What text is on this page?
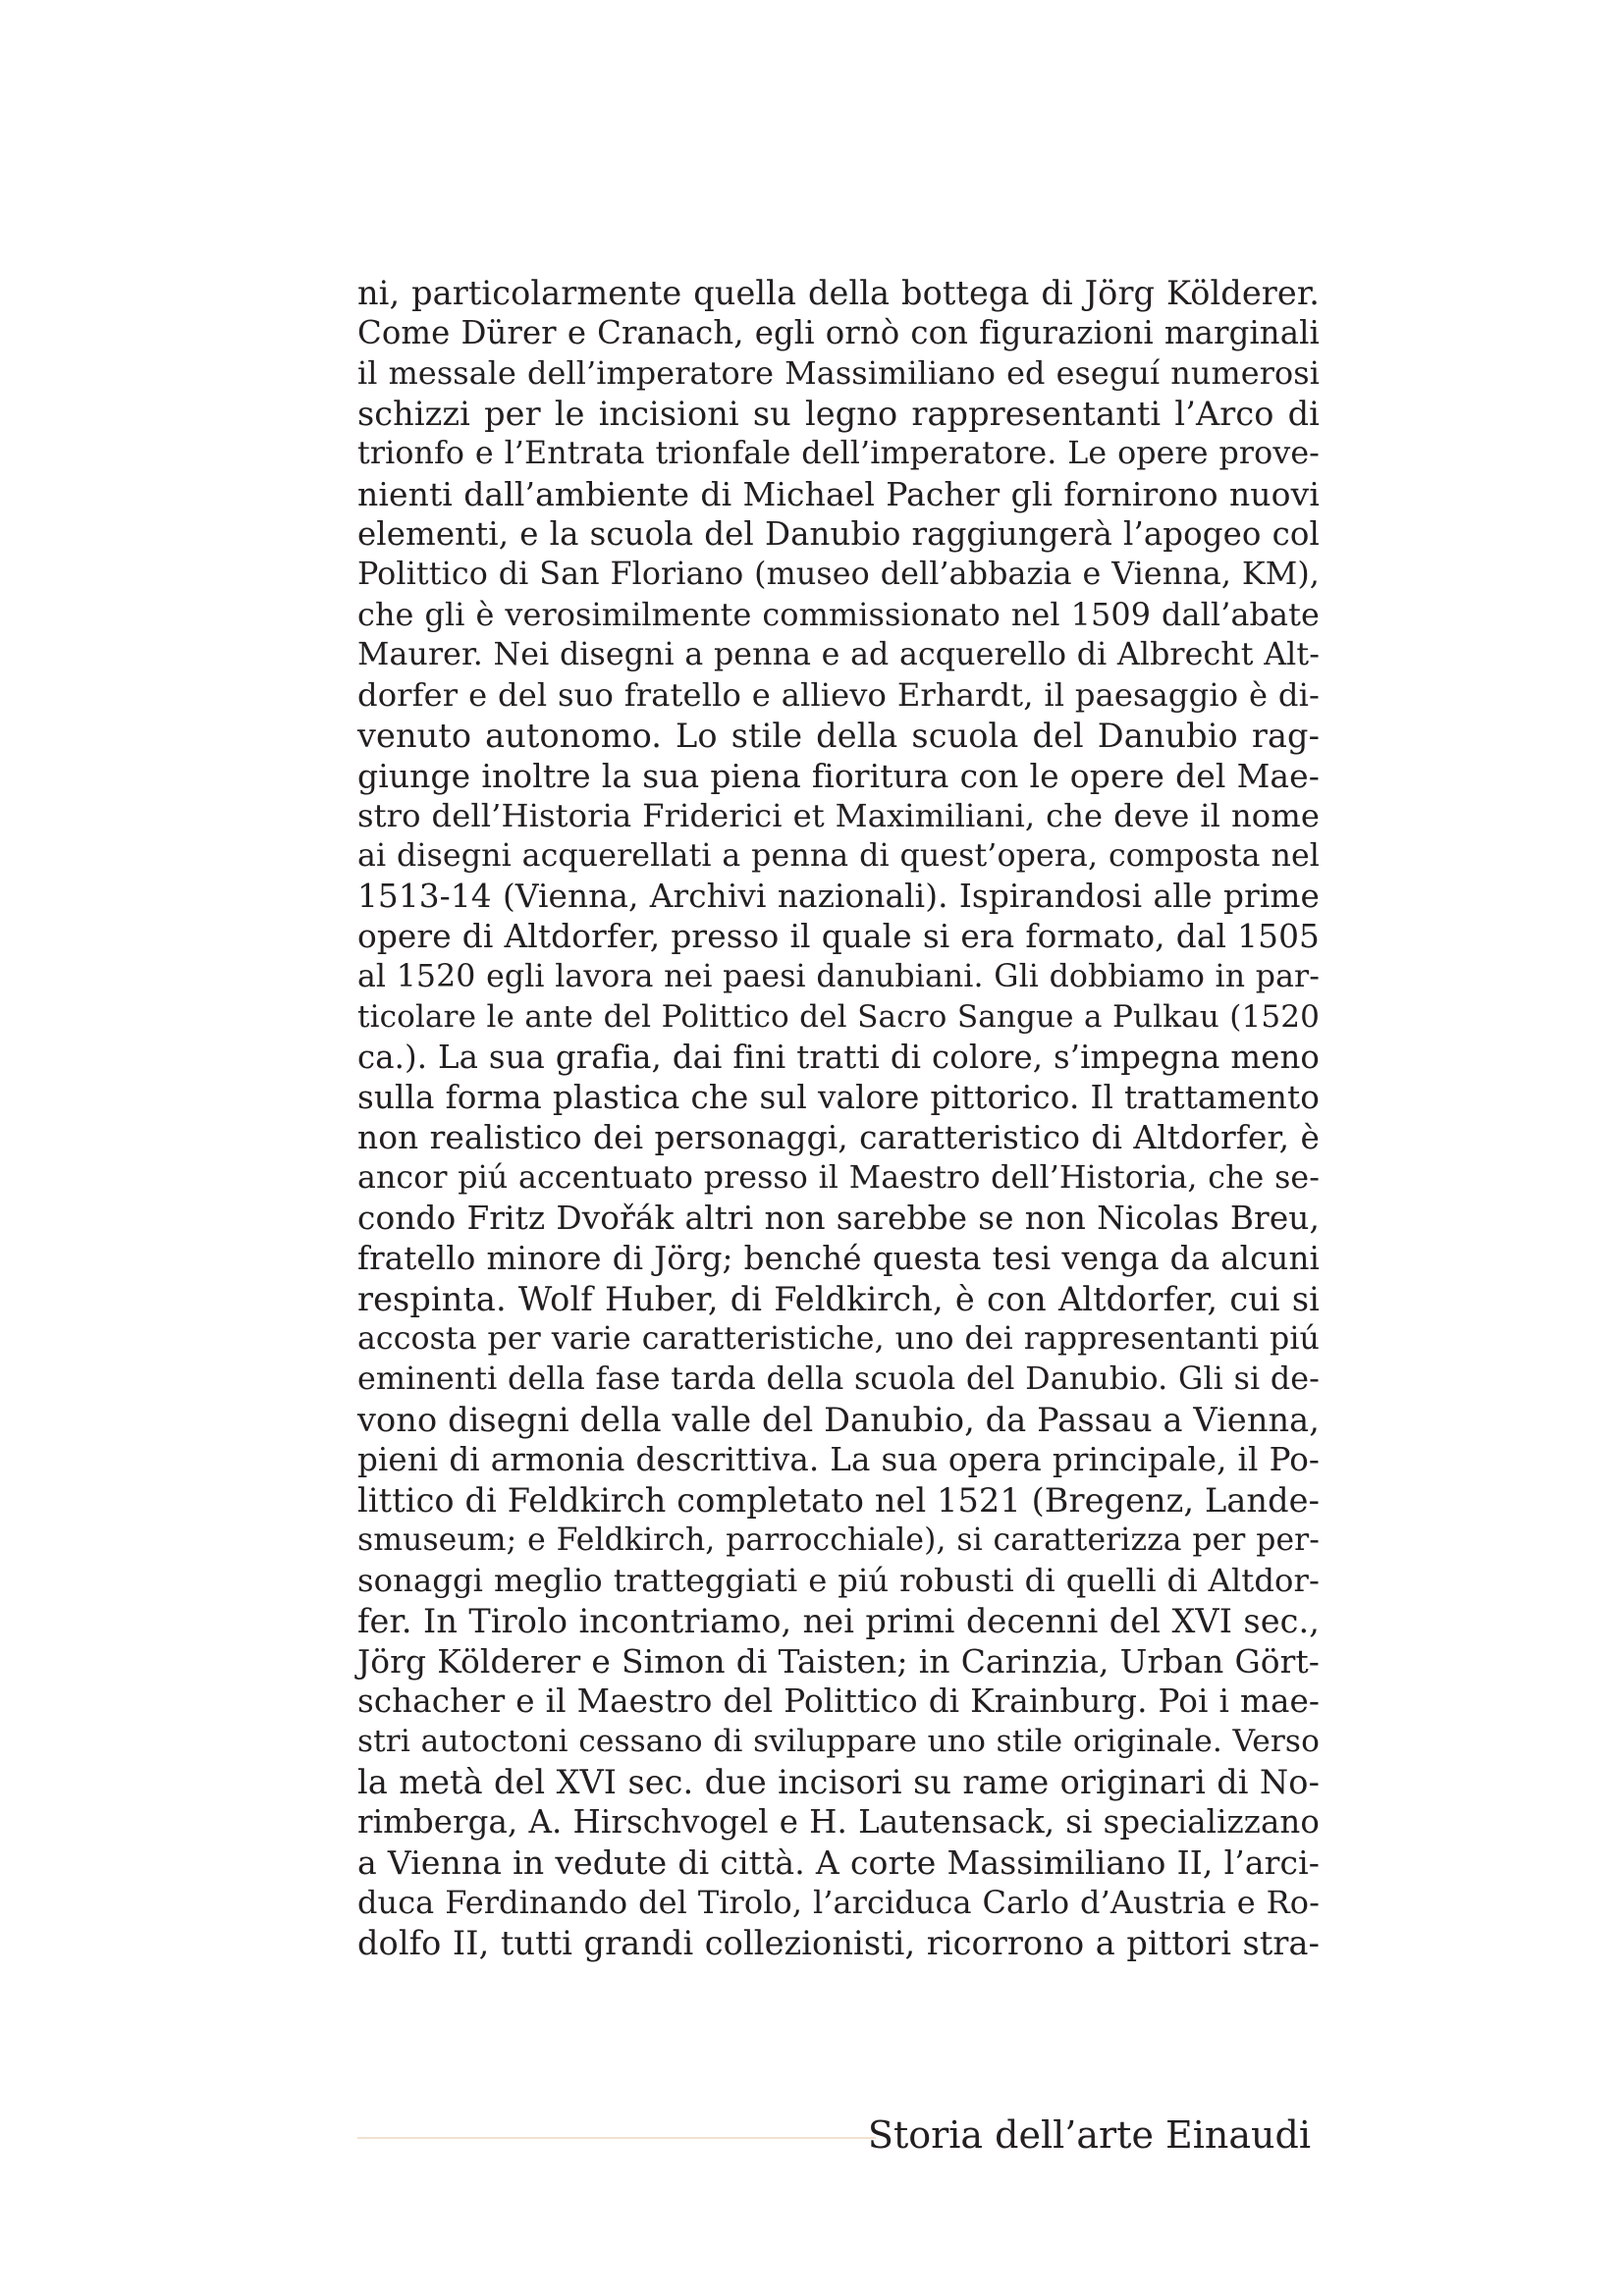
ni, particolarmente quella della bottega di Jörg Kölderer.
Come Dürer e Cranach, egli ornò con figurazioni marginali
il messale dell’imperatore Massimiliano ed eseguí numerosi
schizzi per le incisioni su legno rappresentanti l’Arco di
trionfo e l’Entrata trionfale dell’imperatore. Le opere prove-
nienti dall’ambiente di Michael Pacher gli fornirono nuovi
elementi, e la scuola del Danubio raggiungerà l’apogeo col
Polittico di San Floriano (museo dell’abbazia e Vienna, KM),
che gli è verosimilmente commissionato nel 1509 dall’abate
Maurer. Nei disegni a penna e ad acquerello di Albrecht Alt-
dorfer e del suo fratello e allievo Erhardt, il paesaggio è di-
venuto autonomo. Lo stile della scuola del Danubio rag-
giunge inoltre la sua piena fioritura con le opere del Mae-
stro dell’Historia Friderici et Maximiliani, che deve il nome
ai disegni acquerellati a penna di quest’opera, composta nel
1513-14 (Vienna, Archivi nazionali). Ispirandosi alle prime
opere di Altdorfer, presso il quale si era formato, dal 1505
al 1520 egli lavora nei paesi danubiani. Gli dobbiamo in par-
ticolare le ante del Polittico del Sacro Sangue a Pulkau (1520
ca.). La sua grafia, dai fini tratti di colore, s’impegna meno
sulla forma plastica che sul valore pittorico. Il trattamento
non realistico dei personaggi, caratteristico di Altdorfer, è
ancor piú accentuato presso il Maestro dell’Historia, che se-
condo Fritz Dvořák altri non sarebbe se non Nicolas Breu,
fratello minore di Jörg; benché questa tesi venga da alcuni
respinta. Wolf Huber, di Feldkirch, è con Altdorfer, cui si
accosta per varie caratteristiche, uno dei rappresentanti piú
eminenti della fase tarda della scuola del Danubio. Gli si de-
vono disegni della valle del Danubio, da Passau a Vienna,
pieni di armonia descrittiva. La sua opera principale, il Po-
littico di Feldkirch completato nel 1521 (Bregenz, Lande-
smuseum; e Feldkirch, parrocchiale), si caratterizza per per-
sonaggi meglio tratteggiati e piú robusti di quelli di Altdor-
fer. In Tirolo incontriamo, nei primi decenni del XVI sec.,
Jörg Kölderer e Simon di Taisten; in Carinzia, Urban Gört-
schacher e il Maestro del Polittico di Krainburg. Poi i mae-
stri autoctoni cessano di sviluppare uno stile originale. Verso
la metà del XVI sec. due incisori su rame originari di No-
rimberga, A. Hirschvogel e H. Lautensack, si specializzano
a Vienna in vedute di città. A corte Massimiliano II, l’arci-
duca Ferdinando del Tirolo, l’arciduca Carlo d’Austria e Ro-
dolfo II, tutti grandi collezionisti, ricorrono a pittori stra-
Storia dell’arte Einaudi
